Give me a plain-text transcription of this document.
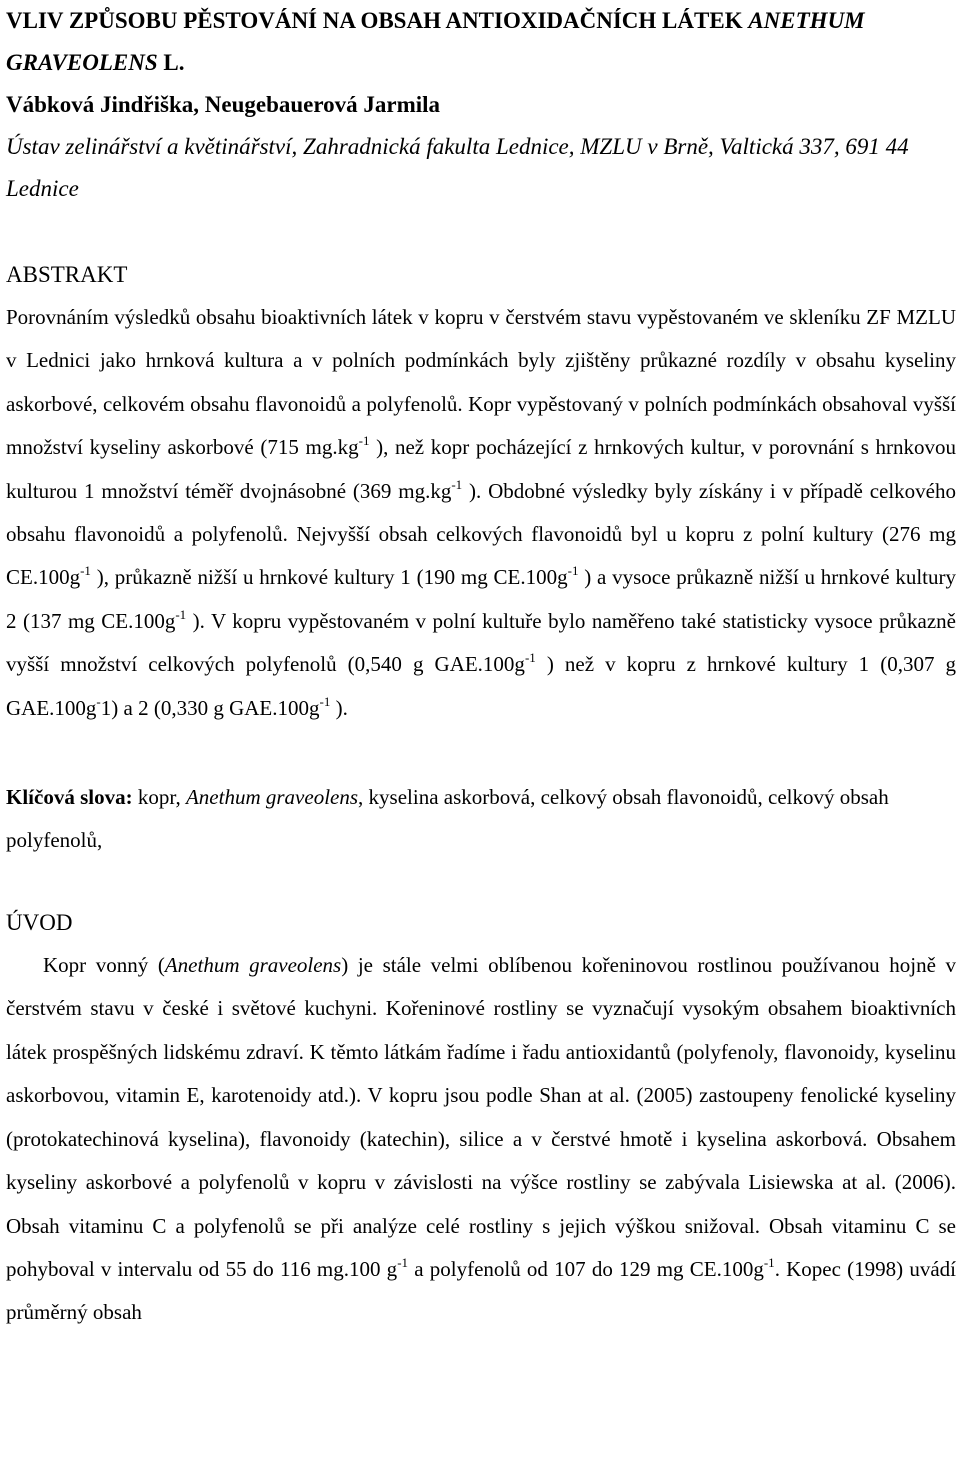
VLIV ZPŮSOBU PĚSTOVÁNÍ NA OBSAH ANTIOXIDAČNÍCH LÁTEK ANETHUM GRAVEOLENS L.

Vábková Jindřiška, Neugebauerová Jarmila

Ústav zelinářství a květinářství, Zahradnická fakulta Lednice, MZLU v Brně, Valtická 337, 691 44 Lednice

ABSTRAKT

Porovnáním výsledků obsahu bioaktivních látek v kopru v čerstvém stavu vypěstovaném ve skleníku ZF MZLU v Lednici jako hrnková kultura a v polních podmínkách byly zjištěny průkazné rozdíly v obsahu kyseliny askorbové, celkovém obsahu flavonoidů a polyfenolů. Kopr vypěstovaný v polních podmínkách obsahoval vyšší množství kyseliny askorbové (715 $mg.kg^{-1}$ ), než kopr pocházející z hrnkových kultur, v porovnání s hrnkovou kulturou 1 množství téměř dvojnásobné (369 $mg.kg^{-1}$ ). Obdobné výsledky byly získány i v případě celkového obsahu flavonoidů a polyfenolů. Nejvyšší obsah celkových flavonoidů byl u kopru z polní kultury (276 mg $CE.100g^{-1}$ ), průkazně nižší u hrnkové kultury 1 (190 mg $CE.100g^{-1}$ ) a vysoce průkazně nižší u hrnkové kultury 2 (137 mg $CE.100g^{-1}$ ). V kopru vypěstovaném v polní kultuře bylo naměřeno také statisticky vysoce průkazně vyšší množství celkových polyfenolů (0,540 g $GAE.100g^{-1}$ ) než v kopru z hrnkové kultury 1 (0,307 g GAE.100g-1) a 2 (0,330 g $GAE.100g^{-1}$ ).

Klíčová slova: kopr, Anethum graveolens, kyselina askorbová, celkový obsah flavonoidů, celkový obsah polyfenolů,

ÚVOD

Kopr vonný (Anethum graveolens) je stále velmi oblíbenou kořeninovou rostlinou používanou hojně v čerstvém stavu v české i světové kuchyni. Kořeninové rostliny se vyznačují vysokým obsahem bioaktivních látek prospěšných lidskému zdraví. K těmto látkám řadíme i řadu antioxidantů (polyfenoly, flavonoidy, kyselinu askorbovou, vitamin E, karotenoidy atd.). V kopru jsou podle Shan at al. (2005) zastoupeny fenolické kyseliny (protokatechinová kyselina), flavonoidy (katechin), silice a v čerstvé hmotě i kyselina askorbová. Obsahem kyseliny askorbové a polyfenolů v kopru v závislosti na výšce rostliny se zabývala Lisiewska at al. (2006). Obsah vitaminu C a polyfenolů se při analýze celé rostliny s jejich výškou snižoval. Obsah vitaminu C se pohyboval v intervalu od 55 do 116 mg.100 $g^{-1}$ a polyfenolů od 107 do 129 mg $CE.100g^{-1}$. Kopec (1998) uvádí průměrný obsah
